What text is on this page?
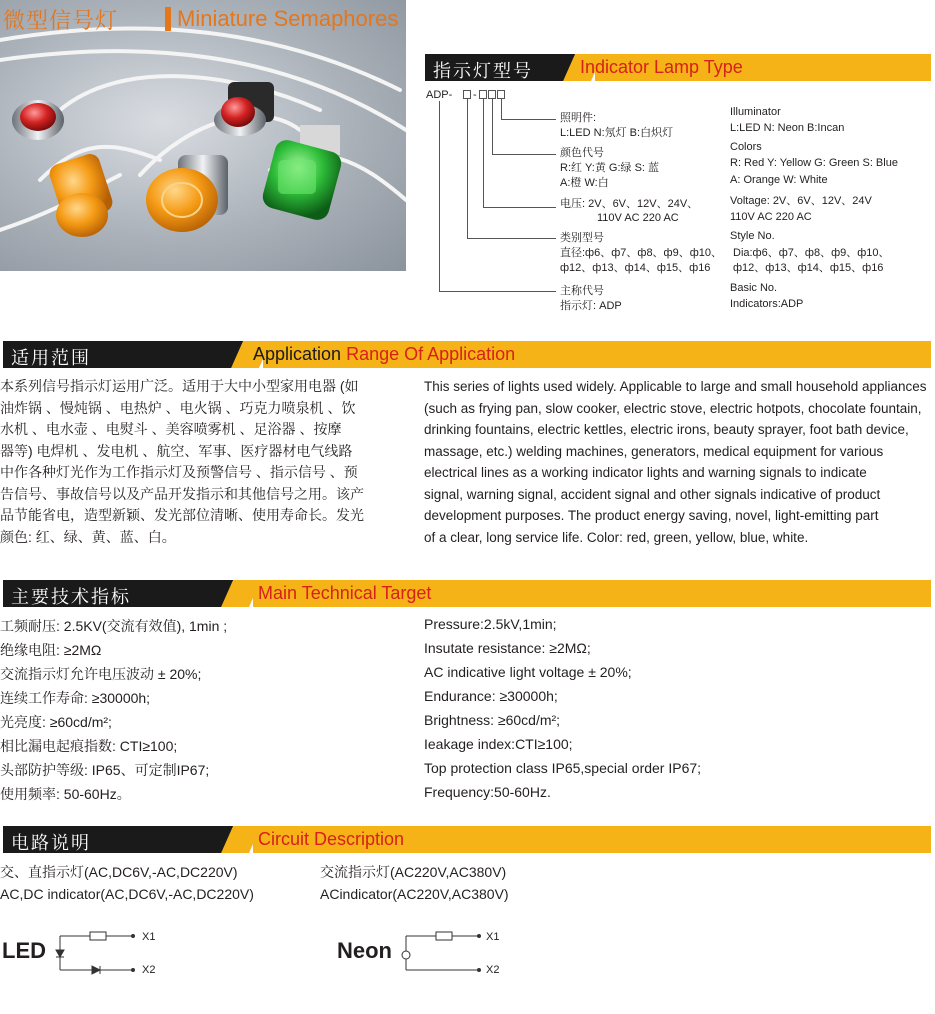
微型信号灯	Miniature Semaphores
指示灯型号	Indicator Lamp Type
ADP- -
照明件:
L:LED N:氖灯 B:白炽灯
颜色代号
R:红 Y:黄 G:绿 S: 蓝
A:橙 W:白
电压: 2V、6V、12V、24V、
110V AC 220 AC
类别型号
直径:ф6、ф7、ф8、ф9、ф10、
ф12、ф13、ф14、ф15、ф16
主称代号
指示灯: ADP
Illuminator
L:LED N: Neon B:Incan
Colors
R: Red Y: Yellow G: Green S: Blue
A: Orange W: White
Voltage: 2V、6V、12V、24V
110V AC 220 AC
Style No.
Dia:ф6、ф7、ф8、ф9、ф10、
ф12、ф13、ф14、ф15、ф16
Basic No.
Indicators:ADP
适用范围	Application Range Of Application
本系列信号指示灯运用广泛。适用于大中小型家用电器 (如
油炸锅 、慢炖锅 、电热炉 、电火锅 、巧克力喷泉机 、饮
水机 、电水壶 、电熨斗 、美容喷雾机 、足浴器 、按摩
器等) 电焊机 、发电机 、航空、军事、医疗器材电气线路
中作各种灯光作为工作指示灯及预警信号 、指示信号 、预
告信号、事故信号以及产品开发指示和其他信号之用。该产
品节能省电，造型新颖、发光部位清晰、使用寿命长。发光
颜色: 红、绿、黄、蓝、白。
This series of lights used widely. Applicable to large and small household appliances
(such as frying pan, slow cooker, electric stove, electric hotpots, chocolate fountain,
drinking fountains, electric kettles, electric irons, beauty sprayer, foot bath device,
massage, etc.) welding machines, generators, medical equipment for various
electrical lines as a working indicator lights and warning signals to indicate
signal, warning signal, accident signal and other signals indicative of product
development purposes. The product energy saving, novel, light-emitting part
of a clear, long service life. Color: red, green, yellow, blue, white.
主要技术指标	Main Technical Target
工频耐压: 2.5KV(交流有效值), 1min ;
绝缘电阻: ≥2MΩ
交流指示灯允许电压波动 ± 20%;
连续工作寿命: ≥30000h;
光亮度: ≥60cd/m²;
相比漏电起痕指数: CTI≥100;
头部防护等级: IP65、可定制IP67;
使用频率: 50-60Hz。
Pressure:2.5kV,1min;
Insutate resistance: ≥2MΩ;
AC indicative light voltage ± 20%;
Endurance: ≥30000h;
Brightness: ≥60cd/m²;
Ieakage index:CTI≥100;
Top protection class IP65,special order IP67;
Frequency:50-60Hz.
电路说明	Circuit Description
交、直指示灯(AC,DC6V,-AC,DC220V)
AC,DC indicator(AC,DC6V,-AC,DC220V)
交流指示灯(AC220V,AC380V)
ACindicator(AC220V,AC380V)
LED
X1
X2
Neon
X1
X2
